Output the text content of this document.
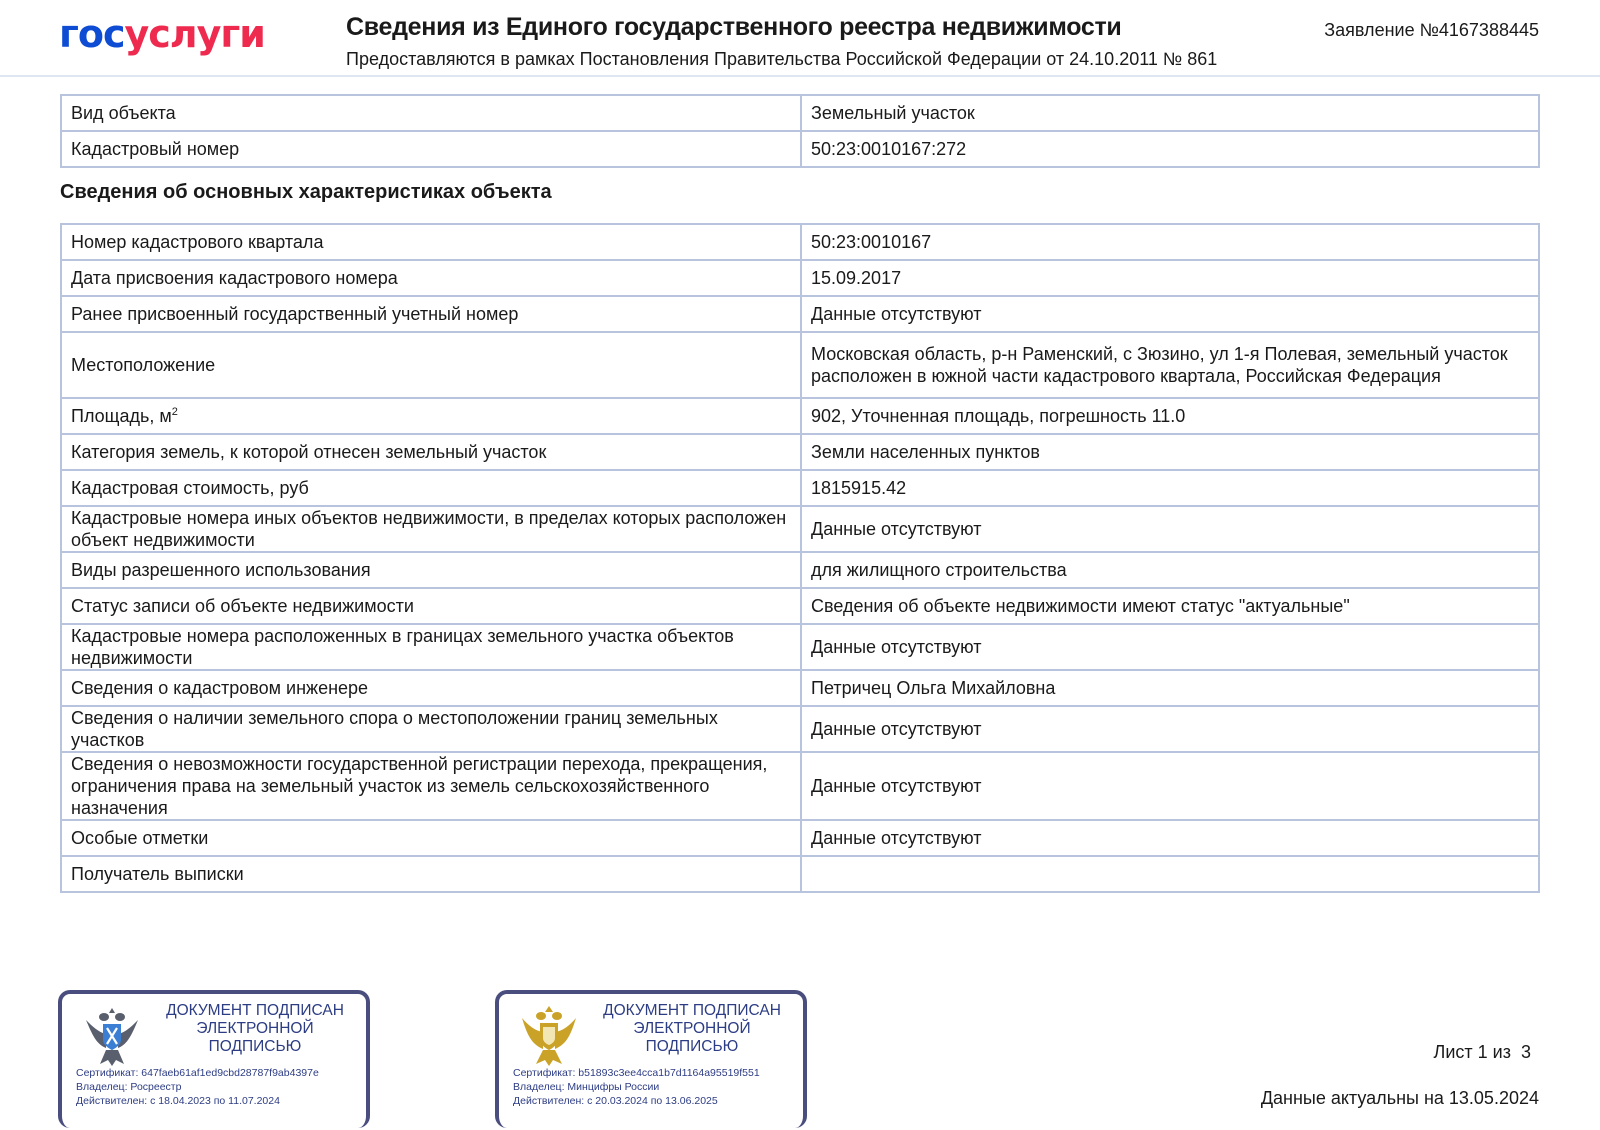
госуслуги	Сведения из Единого государственного реестра недвижимости
Предоставляются в рамках Постановления Правительства Российской Федерации от 24.10.2011 № 861
Заявление №4167388445
Вид объекта	Земельный участок
Кадастровый номер	50:23:0010167:272
Сведения об основных характеристиках объекта
Номер кадастрового квартала	50:23:0010167
Дата присвоения кадастрового номера	15.09.2017
Ранее присвоенный государственный учетный номер	Данные отсутствуют
Местоположение	Московская область, р-н Раменский, с Зюзино, ул 1-я Полевая, земельный участок расположен в южной части кадастрового квартала, Российская Федерация
Площадь, $м^2$	902, Уточненная площадь, погрешность 11.0
Категория земель, к которой отнесен земельный участок	Земли населенных пунктов
Кадастровая стоимость, руб	1815915.42
Кадастровые номера иных объектов недвижимости, в пределах которых расположен объект недвижимости	Данные отсутствуют
Виды разрешенного использования	для жилищного строительства
Статус записи об объекте недвижимости	Сведения об объекте недвижимости имеют статус "актуальные"
Кадастровые номера расположенных в границах земельного участка объектов недвижимости	Данные отсутствуют
Сведения о кадастровом инженере	Петричец Ольга Михайловна
Сведения о наличии земельного спора о местоположении границ земельных участков	Данные отсутствуют
Сведения о невозможности государственной регистрации перехода, прекращения, ограничения права на земельный участок из земель сельскохозяйственного назначения	Данные отсутствуют
Особые отметки	Данные отсутствуют
Получатель выписки	
ДОКУМЕНТ ПОДПИСАН ЭЛЕКТРОННОЙ ПОДПИСЬЮ
Сертификат: 647faeb61af1ed9cbd28787f9ab4397e
Владелец: Росреестр
Действителен: с 18.04.2023 по 11.07.2024
ДОКУМЕНТ ПОДПИСАН ЭЛЕКТРОННОЙ ПОДПИСЬЮ
Сертификат: b51893c3ee4cca1b7d1164a95519f551
Владелец: Минцифры России
Действителен: с 20.03.2024 по 13.06.2025
Лист 1 из  3
Данные актуальны на 13.05.2024
